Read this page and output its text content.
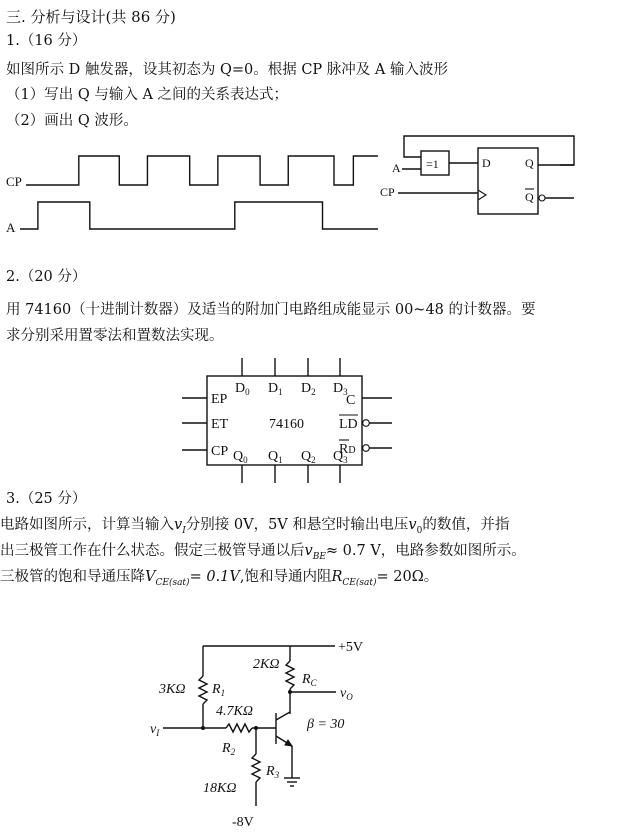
三. 分析与设计(共 86 分)
1.（16 分）
如图所示 D 触发器，设其初态为 Q=0。根据 CP 脉冲及 A 输入波形
（1）写出 Q 与输入 A 之间的关系表达式；
（2）画出 Q 波形。
CP
A
=1
A	D	Q
Q
CP
2.（20 分）
用 74160（十进制计数器）及适当的附加门电路组成能显示 00~48 的计数器。要
求分别采用置零法和置数法实现。
$D_0$ $D_1$ $D_2$ $D_3$
$Q_0$ $Q_1$ $Q_2$ $Q_3$
EP
ET
CP
74160
C
LD
RD
3.（25 分）
电路如图所示，计算当输入$v_I$分别接 0V，5V 和悬空时输出电压$v_0$的数值，并指
出三极管工作在什么状态。假定三极管导通以后$v_{BE}\approx 0.7$ V，电路参数如图所示。
三极管的饱和导通压降$V_{CE(sat)}= 0.1V$,饱和导通内阻$R_{CE(sat)}= 20\Omega$。
+5V
$v_O$
$v_I$
-8V
3KΩ $R_1$
2KΩ
$R_C$
4.7KΩ
$R_2$
18KΩ
$R_3$
β = 30
